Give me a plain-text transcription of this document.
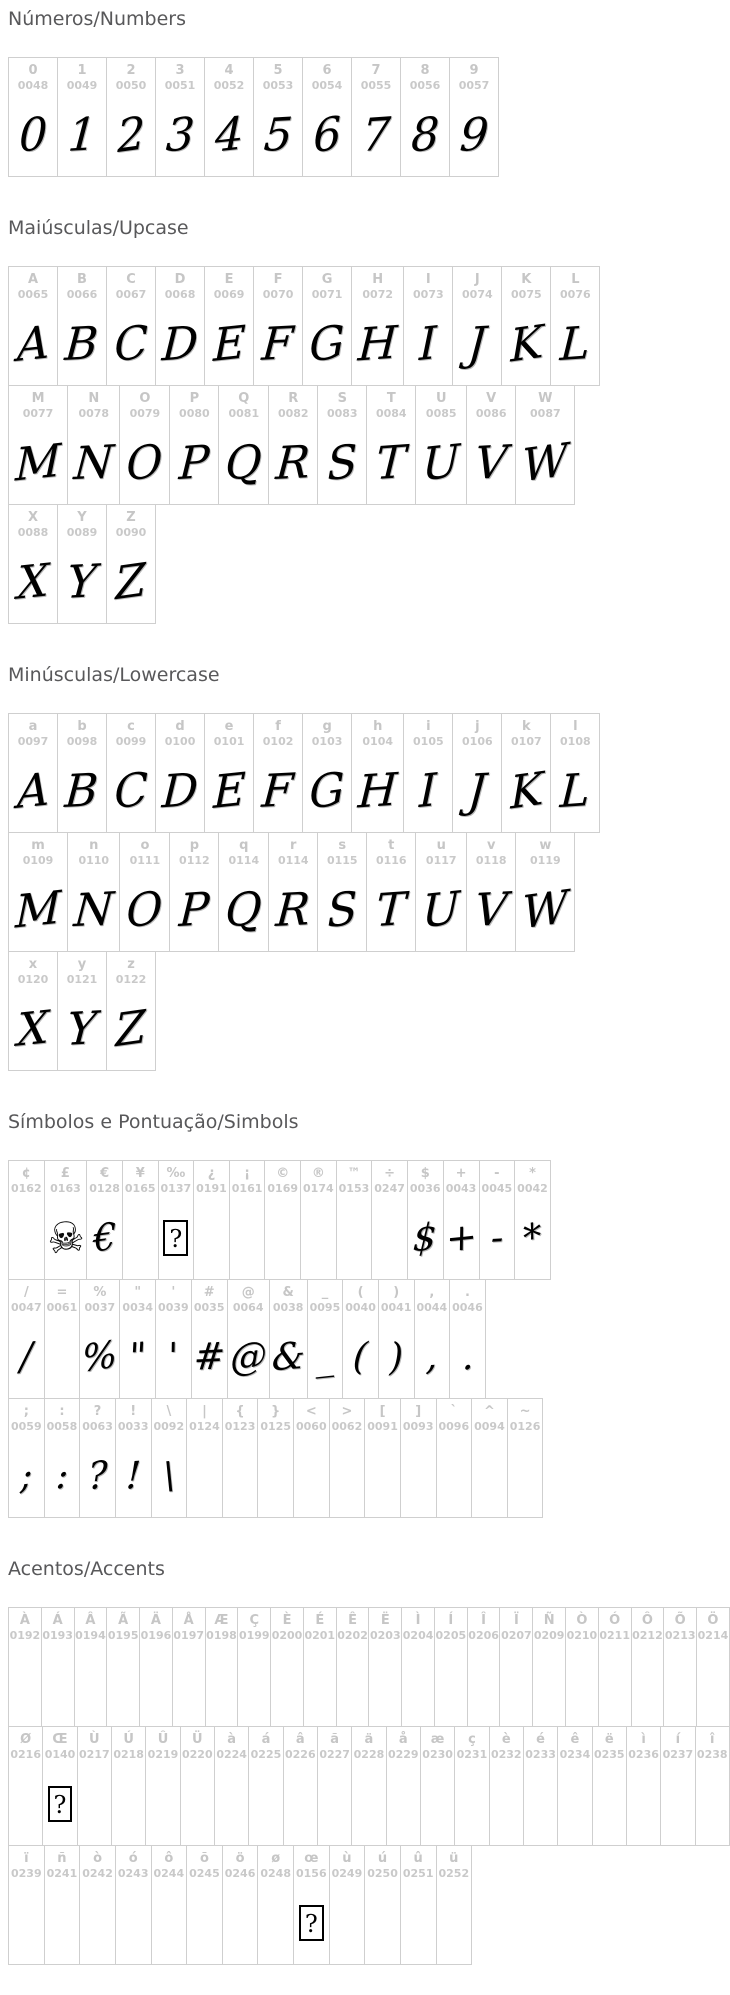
Números/Numbers
0
0048
0
1
0049
1
2
0050
2
3
0051
3
4
0052
4
5
0053
5
6
0054
6
7
0055
7
8
0056
8
9
0057
9
Maiúsculas/Upcase
A
0065
A
B
0066
B
C
0067
C
D
0068
D
E
0069
E
F
0070
F
G
0071
G
H
0072
H
I
0073
I
J
0074
J
K
0075
K
L
0076
L
M
0077
M
N
0078
N
O
0079
O
P
0080
P
Q
0081
Q
R
0082
R
S
0083
S
T
0084
T
U
0085
U
V
0086
V
W
0087
W
X
0088
X
Y
0089
Y
Z
0090
Z
Minúsculas/Lowercase
a
0097
A
b
0098
B
c
0099
C
d
0100
D
e
0101
E
f
0102
F
g
0103
G
h
0104
H
i
0105
I
j
0106
J
k
0107
K
l
0108
L
m
0109
M
n
0110
N
o
0111
O
p
0112
P
q
0114
Q
r
0114
R
s
0115
S
t
0116
T
u
0117
U
v
0118
V
w
0119
W
x
0120
X
y
0121
Y
z
0122
Z
Símbolos e Pontuação/Simbols
¢
0162
£
0163
☠
€
0128
€
¥
0165
‰
0137
?
¿
0191
¡
0161
©
0169
®
0174
™
0153
÷
0247
$
0036
$
+
0043
+
-
0045
-
*
0042
*
/
0047
/
=
0061
%
0037
%
"
0034
"
'
0039
'
#
0035
#
@
0064
@
&
0038
&
_
0095
_
(
0040
(
)
0041
)
,
0044
,
.
0046
.
;
0059
;
:
0058
:
?
0063
?
!
0033
!
\
0092
\
|
0124
{
0123
}
0125
<
0060
>
0062
[
0091
]
0093
`
0096
^
0094
~
0126
Acentos/Accents
À
0192
Á
0193
Â
0194
Ã
0195
Ä
0196
Å
0197
Æ
0198
Ç
0199
È
0200
É
0201
Ê
0202
Ë
0203
Ì
0204
Í
0205
Î
0206
Ï
0207
Ñ
0209
Ò
0210
Ó
0211
Ô
0212
Õ
0213
Ö
0214
Ø
0216
Œ
0140
?
Ù
0217
Ú
0218
Û
0219
Ü
0220
à
0224
á
0225
â
0226
ã
0227
ä
0228
å
0229
æ
0230
ç
0231
è
0232
é
0233
ê
0234
ë
0235
ì
0236
í
0237
î
0238
ï
0239
ñ
0241
ò
0242
ó
0243
ô
0244
õ
0245
ö
0246
ø
0248
œ
0156
?
ù
0249
ú
0250
û
0251
ü
0252
